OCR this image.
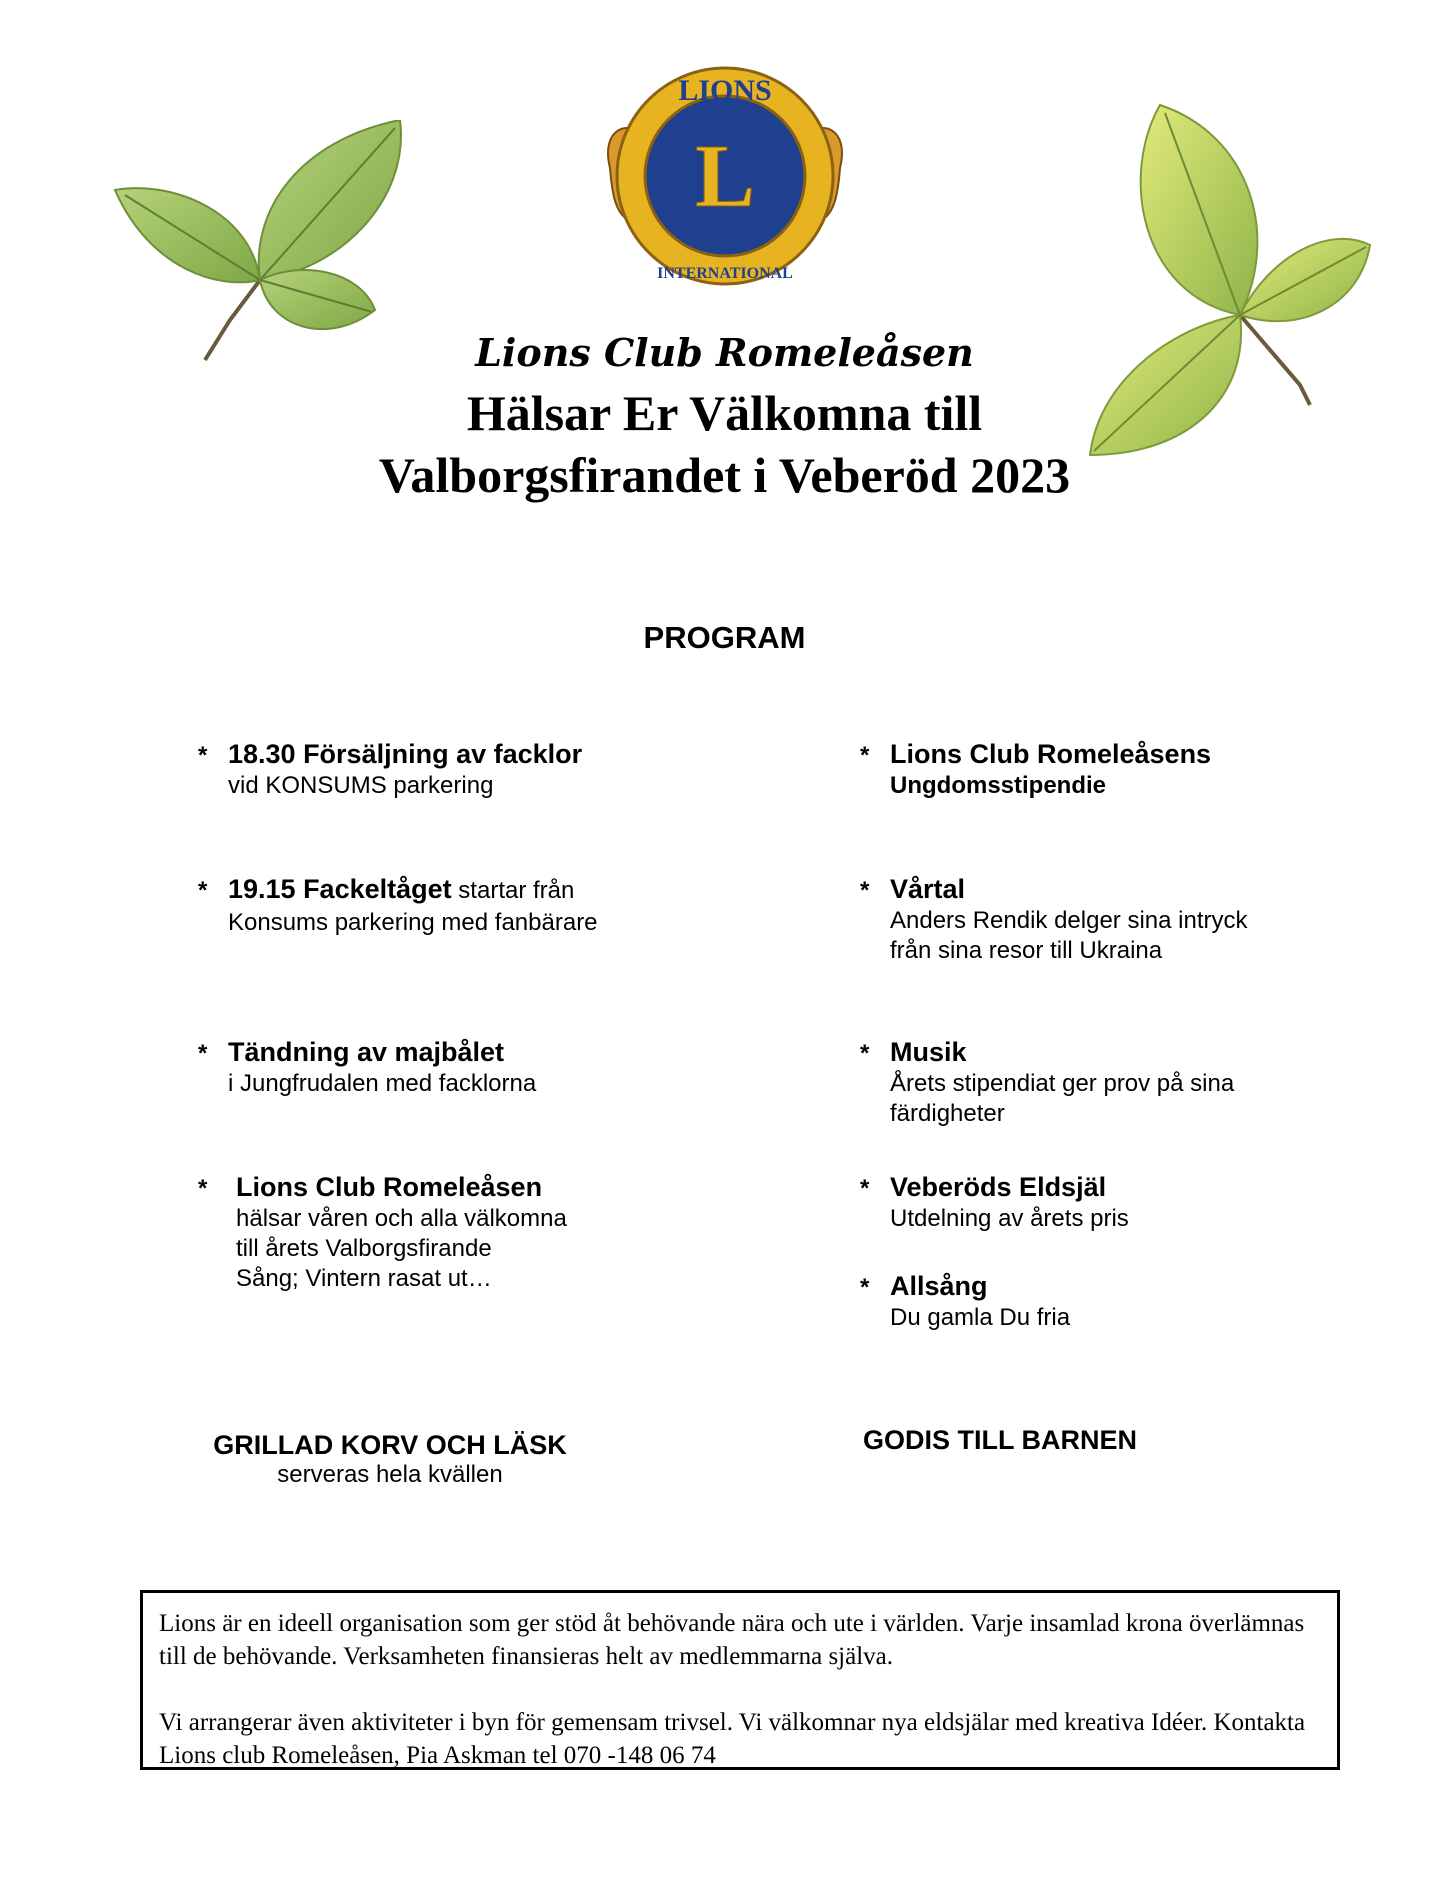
LIONS
L
INTERNATIONAL
Lions Club Romeleåsen
Hälsar Er Välkomna till
Valborgsfirandet i Veberöd 2023
PROGRAM
* 18.30 Försäljning av facklor
vid KONSUMS parkering
* 19.15 Fackeltåget startar från
Konsums parkering med fanbärare
* Tändning av majbålet
i Jungfrudalen med facklorna
*	Lions Club Romeleåsen
hälsar våren och alla välkomna
till årets Valborgsfirande
Sång; Vintern rasat ut…
* Lions Club Romeleåsens
Ungdomsstipendie
* Vårtal
Anders Rendik delger sina intryck
från sina resor till Ukraina
* Musik
Årets stipendiat ger prov på sina
färdigheter
* Veberöds Eldsjäl
Utdelning av årets pris
* Allsång
Du gamla Du fria
GRILLAD KORV OCH LÄSK
serveras hela kvällen
GODIS TILL BARNEN

Lions är en ideell organisation som ger stöd åt behövande nära och ute i världen. Varje insamlad krona överlämnas till de behövande. Verksamheten finansieras helt av medlemmarna själva.

Vi arrangerar även aktiviteter i byn för gemensam trivsel. Vi välkomnar nya eldsjälar med kreativa Idéer. Kontakta Lions club Romeleåsen, Pia Askman tel 070 -148 06 74
